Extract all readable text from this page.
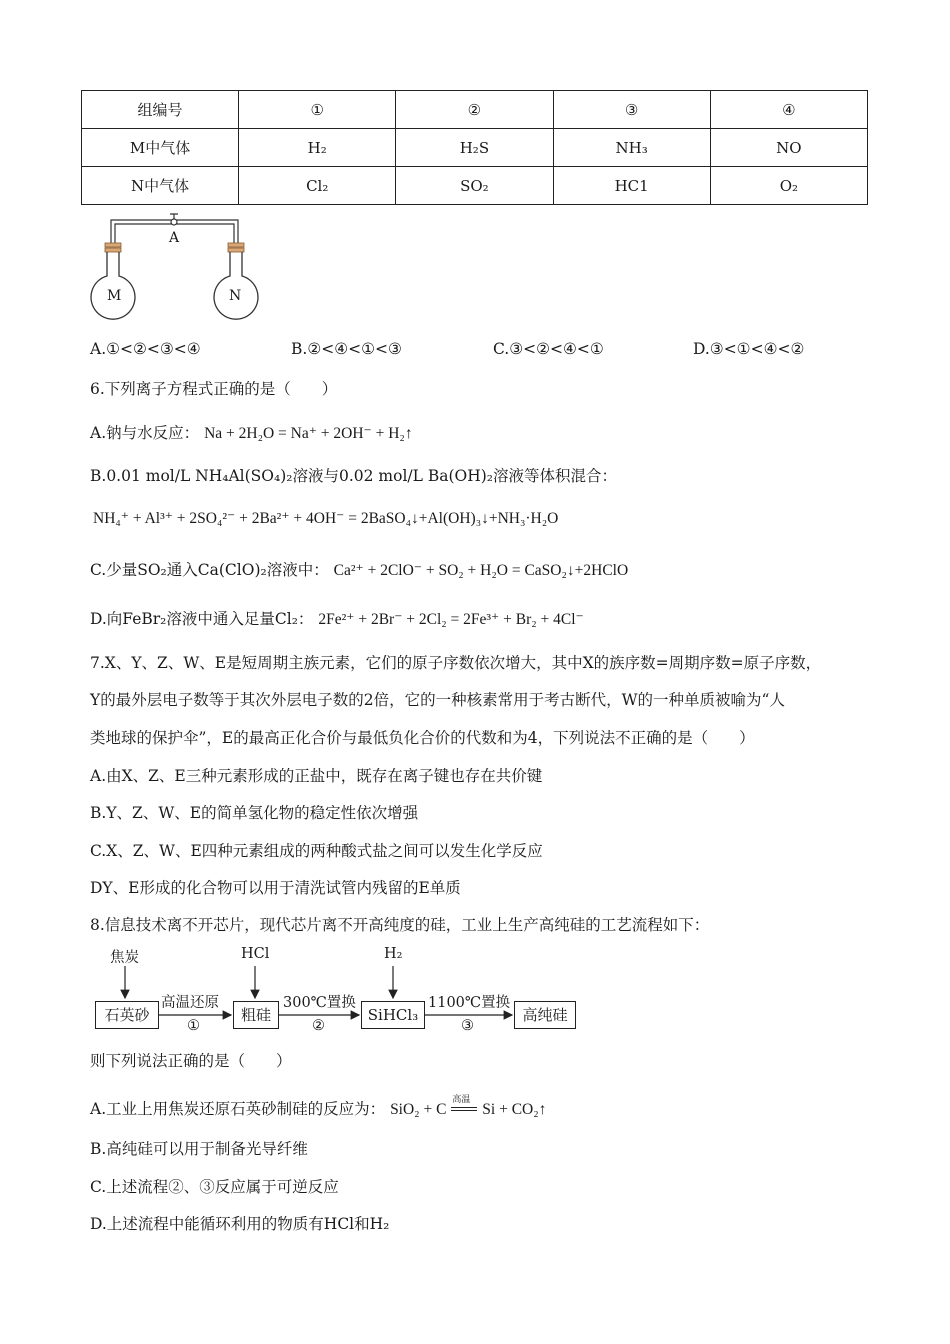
组编号	①	②	③	④
M中气体	H₂	H₂S	NH₃	NO
N中气体	Cl₂	SO₂	HC1	O₂
A
M	N
A.①<②<③<④	B.②<④<①<③	C.③<②<④<①	D.③<①<④<②
6.下列离子方程式正确的是（　　）
A.钠与水反应： Na + 2H₂O = Na⁺ + 2OH⁻ + H₂↑
B.0.01 mol/L NH₄Al(SO₄)₂溶液与0.02 mol/L Ba(OH)₂溶液等体积混合：
NH₄⁺ + Al³⁺ + 2SO₄²⁻ + 2Ba²⁺ + 4OH⁻ = 2BaSO₄↓+Al(OH)₃↓+NH₃·H₂O
C.少量SO₂通入Ca(ClO)₂溶液中： Ca²⁺ + 2ClO⁻ + SO₂ + H₂O = CaSO₂↓+2HClO
D.向FeBr₂溶液中通入足量Cl₂： 2Fe²⁺ + 2Br⁻ + 2Cl₂ = 2Fe³⁺ + Br₂ + 4Cl⁻
7.X、Y、Z、W、E是短周期主族元素，它们的原子序数依次增大，其中X的族序数=周期序数=原子序数，
Y的最外层电子数等于其次外层电子数的2倍，它的一种核素常用于考古断代，W的一种单质被喻为“人
类地球的保护伞”，E的最高正化合价与最低负化合价的代数和为4，下列说法不正确的是（　　）
A.由X、Z、E三种元素形成的正盐中，既存在离子键也存在共价键
B.Y、Z、W、E的简单氢化物的稳定性依次增强
C.X、Z、W、E四种元素组成的两种酸式盐之间可以发生化学反应
DY、E形成的化合物可以用于清洗试管内残留的E单质
8.信息技术离不开芯片，现代芯片离不开高纯度的硅，工业上生产高纯硅的工艺流程如下：
焦炭	HCl	H₂
石英砂	粗硅	SiHCl₃	高纯硅
高温还原
①
300℃置换
②
1100℃置换
③
则下列说法正确的是（　　）
A.工业上用焦炭还原石英砂制硅的反应为： SiO₂ + C
高温
Si + CO₂↑
B.高纯硅可以用于制备光导纤维
C.上述流程②、③反应属于可逆反应
D.上述流程中能循环利用的物质有HCl和H₂
